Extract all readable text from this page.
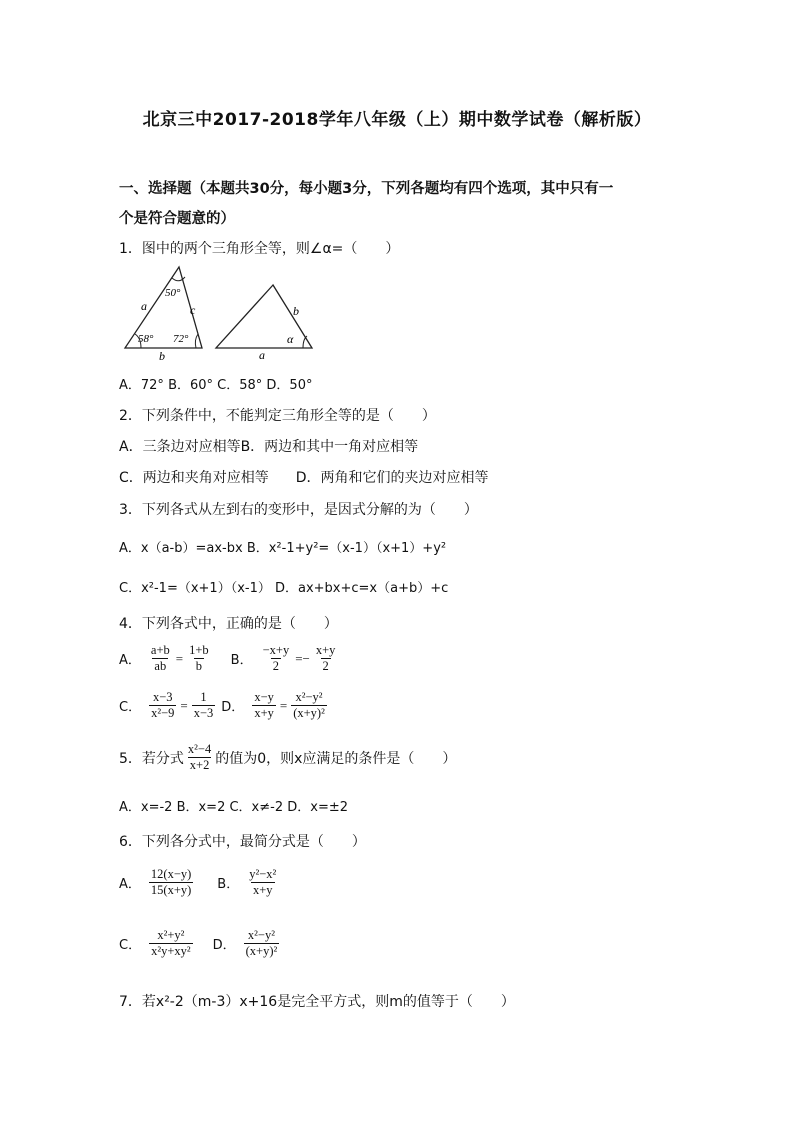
北京三中2017-2018学年八年级（上）期中数学试卷（解析版）
一、选择题（本题共30分，每小题3分，下列各题均有四个选项，其中只有一
个是符合题意的）
1．图中的两个三角形全等，则∠α=（　　）
50°
58° 72°
a	c
b
b
a
α
A．72° B．60° C．58° D．50°
2．下列条件中，不能判定三角形全等的是（　　）
A．三条边对应相等B．两边和其中一角对应相等
C．两边和夹角对应相等 D．两角和它们的夹边对应相等
3．下列各式从左到右的变形中，是因式分解的为（　　）
A．x（a-b）=ax-bx B．x²-1+y²=（x-1）（x+1）+y²
C．x²-1=（x+1）（x-1） D．ax+bx+c=x（a+b）+c
4．下列各式中，正确的是（　　）
A． $\frac{a+b}{ab} = \frac{1+b}{b}$ B． $\frac{-x+y}{2} =- \frac{x+y}{2}$
C． $\frac{x-3}{\text{x²−9}} = \frac{1}{x-3}$ D． $\frac{x-y}{x+y} = \frac{\text{x²−y²}}{\text{(x+y)²}}$
5．若分式 $\frac{\text{x²−4}}{x+2}$ 的值为0，则x应满足的条件是（　　）
A．x=-2 B．x=2 C．x≠-2 D．x=±2
6．下列各分式中，最简分式是（　　）
A． $\frac{12(x-y)}{15(x+y)}$ B． $\frac{\text{y²−x²}}{x+y}$
C． $\frac{\text{x²+y²}}{\text{x²y+xy²}}$ D． $\frac{\text{x²−y²}}{\text{(x+y)²}}$
7．若x²-2（m-3）x+16是完全平方式，则m的值等于（　　）
